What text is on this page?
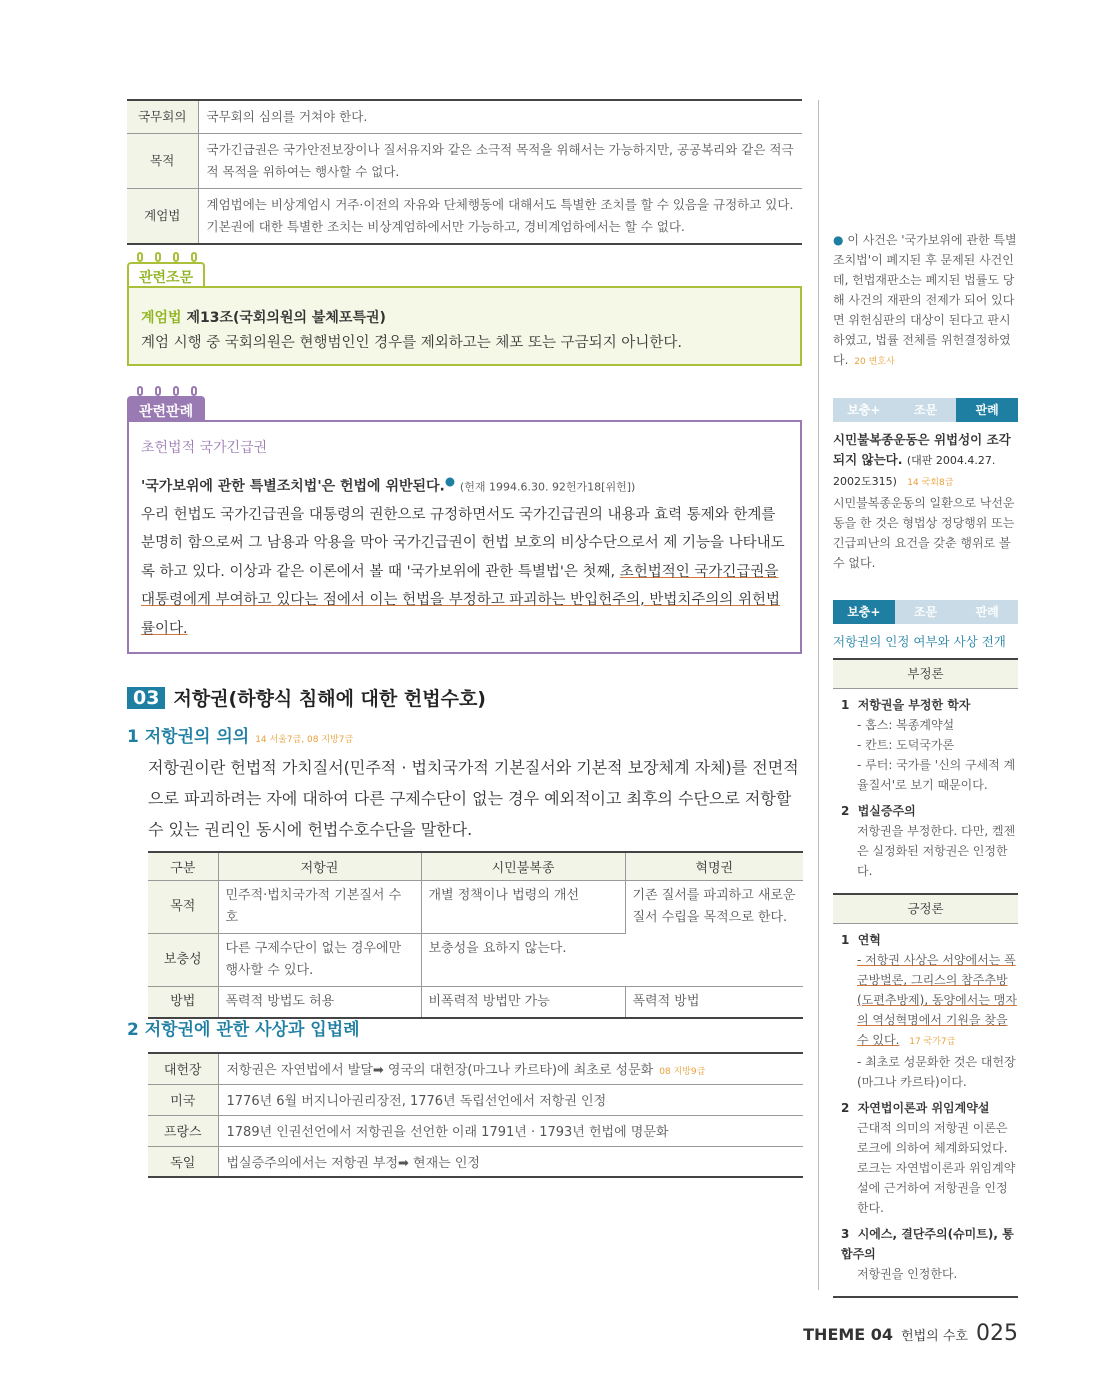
국무회의	국무회의 심의를 거쳐야 한다.
목적	국가긴급권은 국가안전보장이나 질서유지와 같은 소극적 목적을 위해서는 가능하지만, 공공복리와 같은 적극적 목적을 위하여는 행사할 수 없다.
계엄법	계엄법에는 비상계엄시 거주·이전의 자유와 단체행동에 대해서도 특별한 조치를 할 수 있음을 규정하고 있다. 기본권에 대한 특별한 조치는 비상계엄하에서만 가능하고, 경비계엄하에서는 할 수 없다.
관련조문
계엄법 제13조(국회의원의 불체포특권)
계엄 시행 중 국회의원은 현행범인인 경우를 제외하고는 체포 또는 구금되지 아니한다.
관련판례
초헌법적 국가긴급권
'국가보위에 관한 특별조치법'은 헌법에 위반된다.● (헌재 1994.6.30. 92헌가18[위헌])
우리 헌법도 국가긴급권을 대통령의 권한으로 규정하면서도 국가긴급권의 내용과 효력 통제와 한계를 분명히 함으로써 그 남용과 악용을 막아 국가긴급권이 헌법 보호의 비상수단으로서 제 기능을 나타내도록 하고 있다. 이상과 같은 이론에서 볼 때 '국가보위에 관한 특별법'은 첫째, 초헌법적인 국가긴급권을 대통령에게 부여하고 있다는 점에서 이는 헌법을 부정하고 파괴하는 반입헌주의, 반법치주의의 위헌법률이다.
03 저항권(하향식 침해에 대한 헌법수호)
1 저항권의 의의 14 서울7급, 08 지방7급
저항권이란 헌법적 가치질서(민주적 · 법치국가적 기본질서와 기본적 보장체계 자체)를 전면적으로 파괴하려는 자에 대하여 다른 구제수단이 없는 경우 예외적이고 최후의 수단으로 저항할 수 있는 권리인 동시에 헌법수호수단을 말한다.
구분	저항권	시민불복종	혁명권
목적	민주적·법치국가적 기본질서 수호	개별 정책이나 법령의 개선	기존 질서를 파괴하고 새로운 질서 수립을 목적으로 한다.
보충성	다른 구제수단이 없는 경우에만 행사할 수 있다.	보충성을 요하지 않는다.	
방법	폭력적 방법도 허용	비폭력적 방법만 가능	폭력적 방법
2 저항권에 관한 사상과 입법례
대헌장	저항권은 자연법에서 발달➡ 영국의 대헌장(마그나 카르타)에 최초로 성문화 08 지방9급
미국	1776년 6월 버지니아권리장전, 1776년 독립선언에서 저항권 인정
프랑스	1789년 인권선언에서 저항권을 선언한 이래 1791년 · 1793년 헌법에 명문화
독일	법실증주의에서는 저항권 부정➡ 현재는 인정
● 이 사건은 '국가보위에 관한 특별조치법'이 폐지된 후 문제된 사건인데, 헌법재판소는 폐지된 법률도 당해 사건의 재판의 전제가 되어 있다면 위헌심판의 대상이 된다고 판시하였고, 법률 전체를 위헌결정하였다. 20 변호사
보충+	조문	판례
시민불복종운동은 위법성이 조각되지 않는다. (대판 2004.4.27. 2002도315) 14 국회8급
시민불복종운동의 일환으로 낙선운동을 한 것은 형법상 정당행위 또는 긴급피난의 요건을 갖춘 행위로 볼 수 없다.
보충+	조문	판례
저항권의 인정 여부와 사상 전개
부정론
1 저항권을 부정한 학자
- 홉스: 복종계약설
- 칸트: 도덕국가론
- 루터: 국가를 '신의 구세적 계율질서'로 보기 때문이다.
2 법실증주의
저항권을 부정한다. 다만, 켈젠은 실정화된 저항권은 인정한다.
긍정론
1 연혁
- 저항권 사상은 서양에서는 폭군방벌론, 그리스의 참주추방(도편추방제), 동양에서는 맹자의 역성혁명에서 기원을 찾을 수 있다. 17 국가7급
- 최초로 성문화한 것은 대헌장(마그나 카르타)이다.
2 자연법이론과 위임계약설
근대적 의미의 저항권 이론은 로크에 의하여 체계화되었다. 로크는 자연법이론과 위임계약설에 근거하여 저항권을 인정한다.
3 시에스, 결단주의(슈미트), 통합주의
저항권을 인정한다.
THEME 04 헌법의 수호 025
